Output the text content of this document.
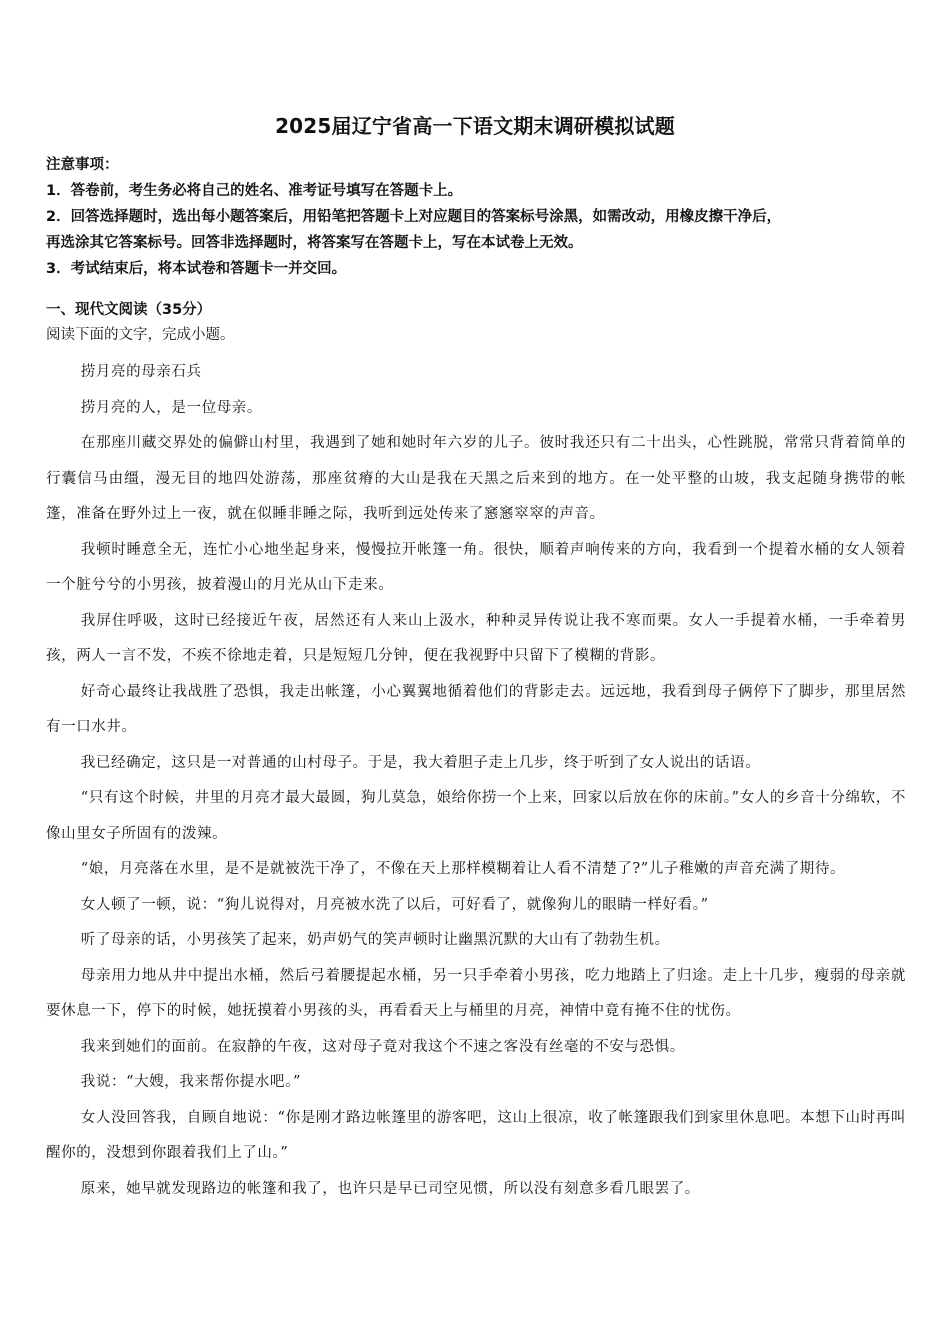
2025届辽宁省高一下语文期末调研模拟试题
注意事项：
1．答卷前，考生务必将自己的姓名、准考证号填写在答题卡上。
2．回答选择题时，选出每小题答案后，用铅笔把答题卡上对应题目的答案标号涂黑，如需改动，用橡皮擦干净后，
再选涂其它答案标号。回答非选择题时，将答案写在答题卡上，写在本试卷上无效。
3．考试结束后，将本试卷和答题卡一并交回。
一、现代文阅读（35分）
阅读下面的文字，完成小题。

捞月亮的母亲石兵

捞月亮的人，是一位母亲。

在那座川藏交界处的偏僻山村里，我遇到了她和她时年六岁的儿子。彼时我还只有二十出头，心性跳脱，常常只背着简单的行囊信马由缰，漫无目的地四处游荡，那座贫瘠的大山是我在天黑之后来到的地方。在一处平整的山坡，我支起随身携带的帐篷，准备在野外过上一夜，就在似睡非睡之际，我听到远处传来了窸窸窣窣的声音。

我顿时睡意全无，连忙小心地坐起身来，慢慢拉开帐篷一角。很快，顺着声响传来的方向，我看到一个提着水桶的女人领着一个脏兮兮的小男孩，披着漫山的月光从山下走来。

我屏住呼吸，这时已经接近午夜，居然还有人来山上汲水，种种灵异传说让我不寒而栗。女人一手提着水桶，一手牵着男孩，两人一言不发，不疾不徐地走着，只是短短几分钟，便在我视野中只留下了模糊的背影。

好奇心最终让我战胜了恐惧，我走出帐篷，小心翼翼地循着他们的背影走去。远远地，我看到母子俩停下了脚步，那里居然有一口水井。

我已经确定，这只是一对普通的山村母子。于是，我大着胆子走上几步，终于听到了女人说出的话语。

“只有这个时候，井里的月亮才最大最圆，狗儿莫急，娘给你捞一个上来，回家以后放在你的床前。”女人的乡音十分绵软，不像山里女子所固有的泼辣。

“娘，月亮落在水里，是不是就被洗干净了，不像在天上那样模糊着让人看不清楚了?”儿子稚嫩的声音充满了期待。

女人顿了一顿，说：“狗儿说得对，月亮被水洗了以后，可好看了，就像狗儿的眼睛一样好看。”

听了母亲的话，小男孩笑了起来，奶声奶气的笑声顿时让幽黑沉默的大山有了勃勃生机。

母亲用力地从井中提出水桶，然后弓着腰提起水桶，另一只手牵着小男孩，吃力地踏上了归途。走上十几步，瘦弱的母亲就要休息一下，停下的时候，她抚摸着小男孩的头，再看看天上与桶里的月亮，神情中竟有掩不住的忧伤。

我来到她们的面前。在寂静的午夜，这对母子竟对我这个不速之客没有丝毫的不安与恐惧。

我说：“大嫂，我来帮你提水吧。”

女人没回答我，自顾自地说：“你是刚才路边帐篷里的游客吧，这山上很凉，收了帐篷跟我们到家里休息吧。本想下山时再叫醒你的，没想到你跟着我们上了山。”

原来，她早就发现路边的帐篷和我了，也许只是早已司空见惯，所以没有刻意多看几眼罢了。
